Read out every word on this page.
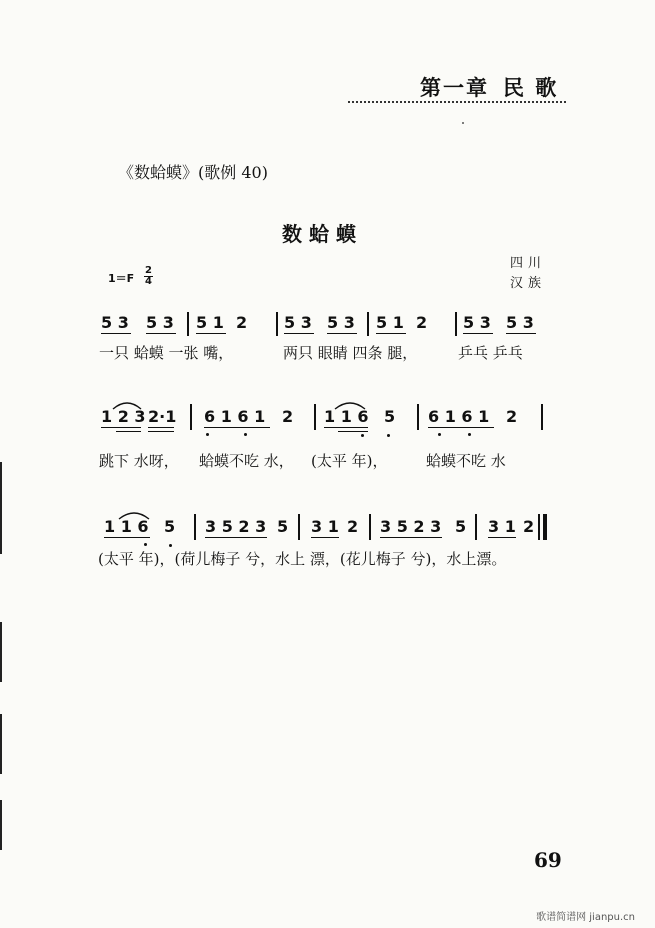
第一章 民 歌
《数蛤蟆》(歌例 40)
数蛤蟆
四川
汉族
$1=F \frac{2}{4}$
5 3 5 3 5 1 2 5 3 5 3 5 1 2 5 3 5 3
一只 蛤蟆 一张 嘴，	两只 眼睛 四条 腿，	乒乓 乒乓
1 2 3 2·1 6 1 6 1 2 1 1 6 5 6 1 6 1 2
跳下 水呀， 蛤蟆不吃 水， (太平 年)，	蛤蟆不吃 水
1 1 6 5 3 5 2 3 5 3 1 2 3 5 2 3 5 3 1 2
(太平 年)，(荷儿梅子 兮，水上 漂，(花儿梅子 兮)，水上漂。
69
歌谱简谱网 jianpu.cn
